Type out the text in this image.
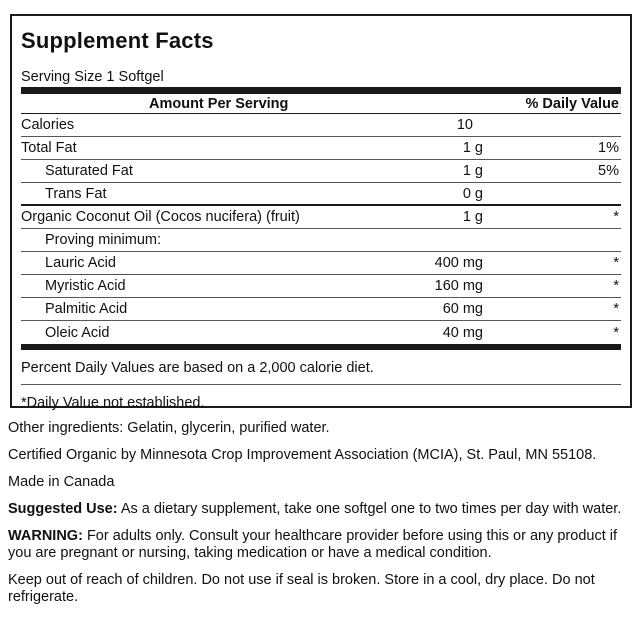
Supplement Facts
Serving Size 1 Softgel
Amount Per Serving	% Daily Value
Calories	10
Total Fat	1 g	1%
Saturated Fat	1 g	5%
Trans Fat	0 g
Organic Coconut Oil (Cocos nucifera) (fruit)	1 g	*
Proving minimum:
Lauric Acid	400 mg	*
Myristic Acid	160 mg	*
Palmitic Acid	60 mg	*
Oleic Acid	40 mg	*
Percent Daily Values are based on a 2,000 calorie diet.
*Daily Value not established.

Other ingredients: Gelatin, glycerin, purified water.

Certified Organic by Minnesota Crop Improvement Association (MCIA), St. Paul, MN 55108.

Made in Canada

Suggested Use: As a dietary supplement, take one softgel one to two times per day with water.

WARNING: For adults only. Consult your healthcare provider before using this or any product if you are pregnant or nursing, taking medication or have a medical condition.

Keep out of reach of children. Do not use if seal is broken. Store in a cool, dry place. Do not refrigerate.
